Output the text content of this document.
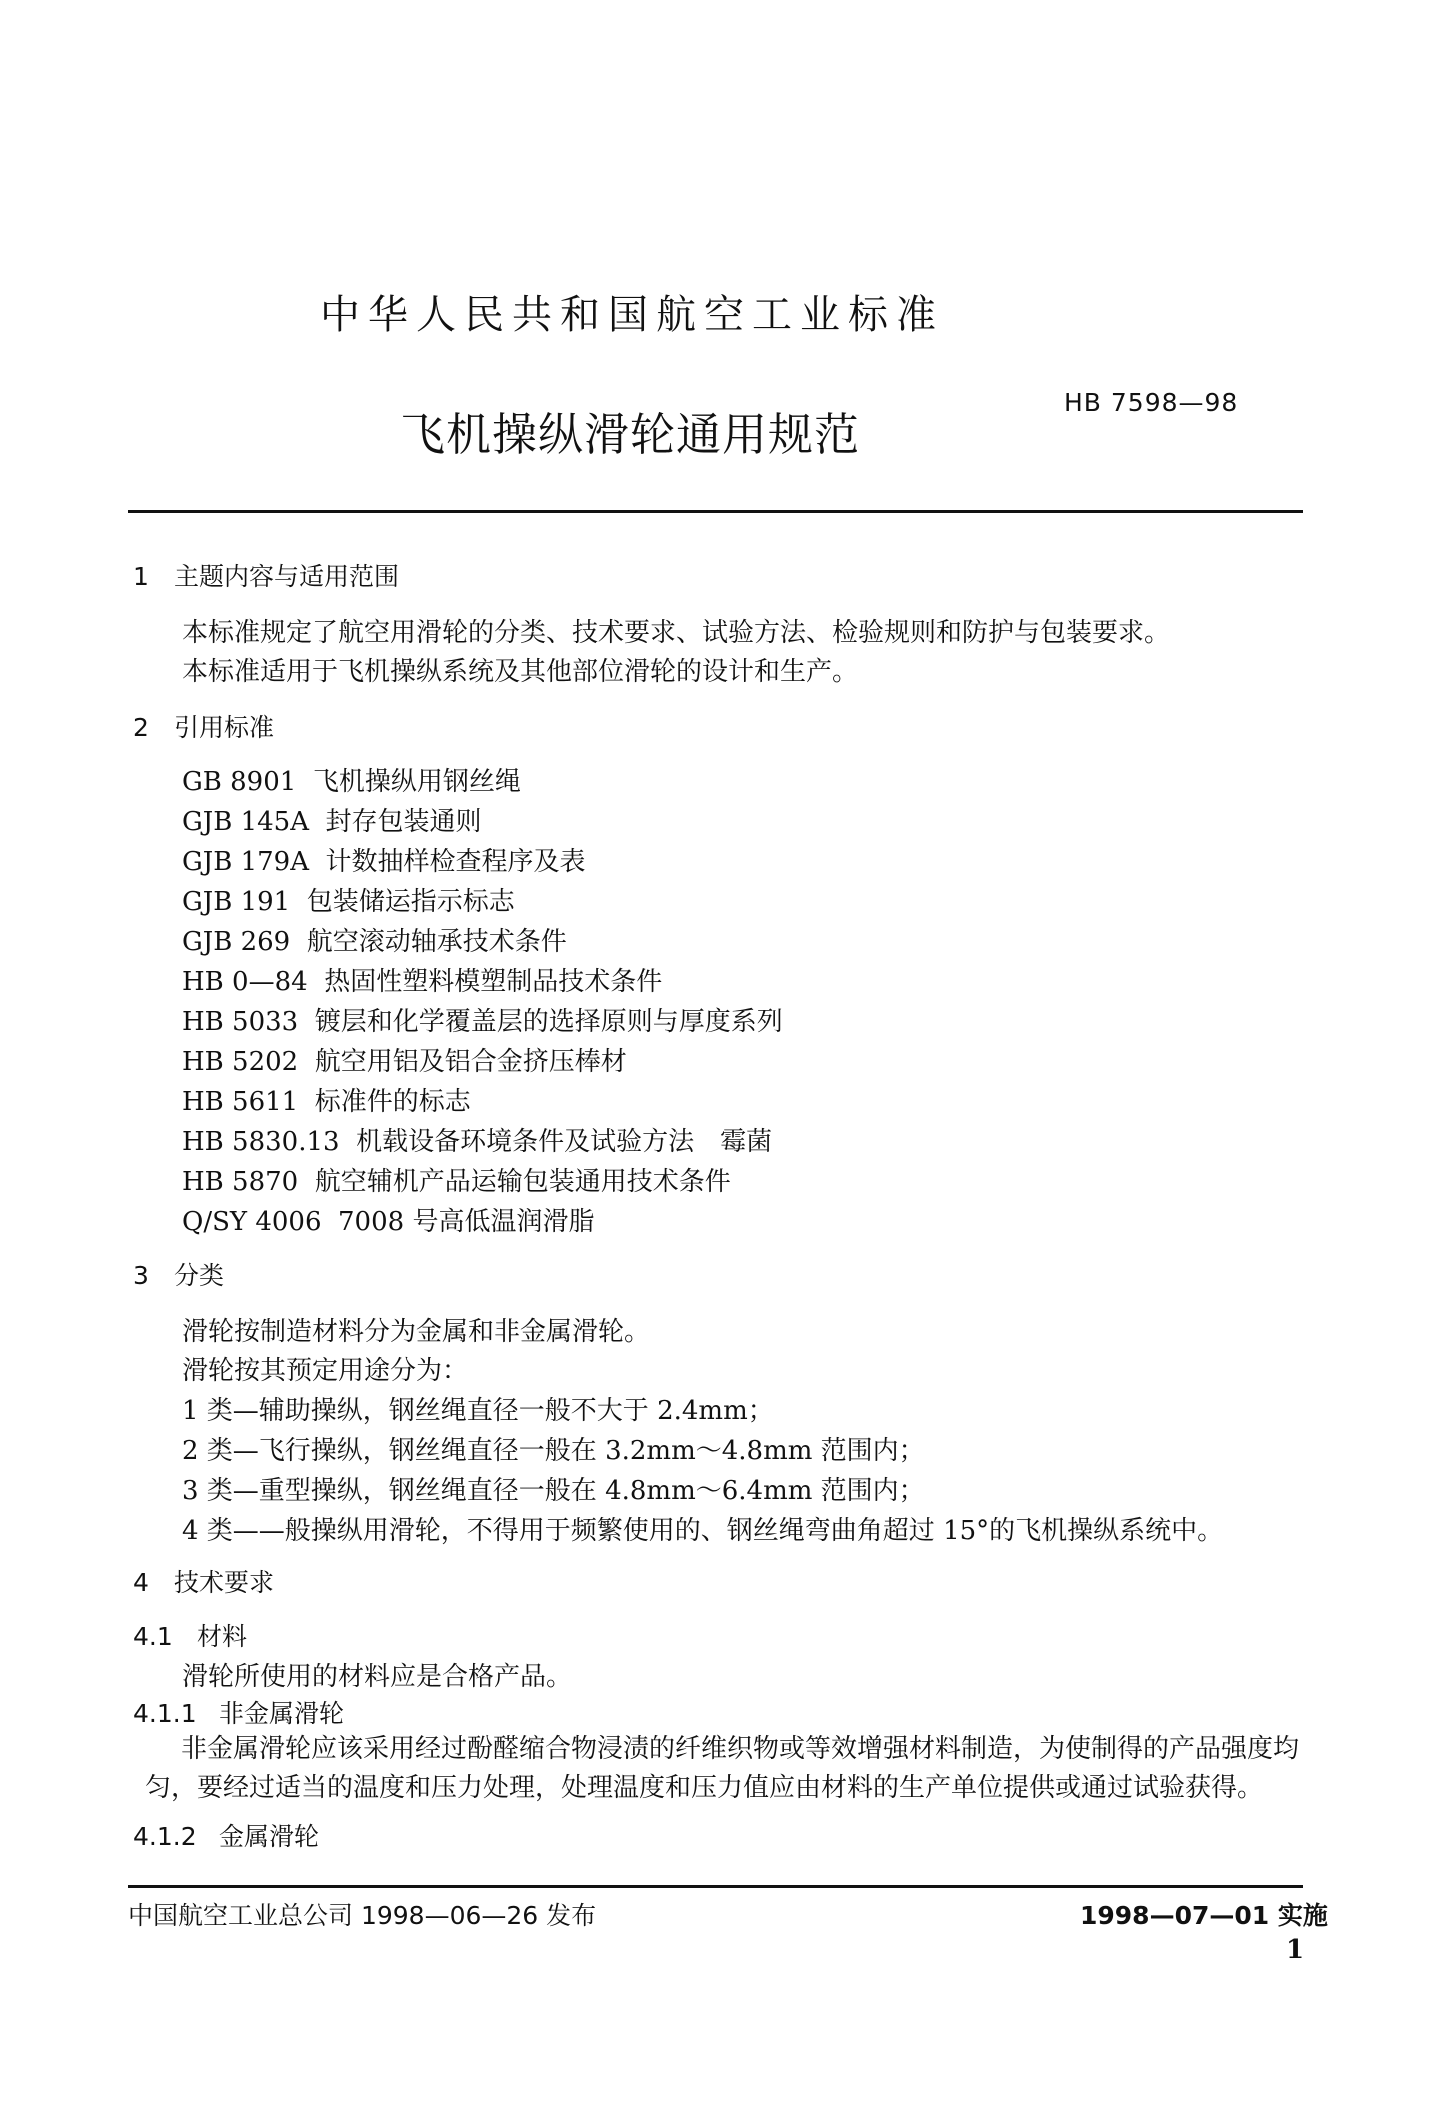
中华人民共和国航空工业标准
飞机操纵滑轮通用规范
HB 7598—98
1 主题内容与适用范围
本标准规定了航空用滑轮的分类、技术要求、试验方法、检验规则和防护与包装要求。
本标准适用于飞机操纵系统及其他部位滑轮的设计和生产。
2 引用标准
GB 8901 飞机操纵用钢丝绳
GJB 145A 封存包装通则
GJB 179A 计数抽样检查程序及表
GJB 191 包装储运指示标志
GJB 269 航空滚动轴承技术条件
HB 0—84 热固性塑料模塑制品技术条件
HB 5033 镀层和化学覆盖层的选择原则与厚度系列
HB 5202 航空用铝及铝合金挤压棒材
HB 5611 标准件的标志
HB 5830.13 机载设备环境条件及试验方法　霉菌
HB 5870 航空辅机产品运输包装通用技术条件
Q/SY 4006 7008 号高低温润滑脂
3 分类
滑轮按制造材料分为金属和非金属滑轮。
滑轮按其预定用途分为：
1 类—辅助操纵，钢丝绳直径一般不大于 2.4mm；
2 类—飞行操纵，钢丝绳直径一般在 3.2mm～4.8mm 范围内；
3 类—重型操纵，钢丝绳直径一般在 4.8mm～6.4mm 范围内；
4 类——般操纵用滑轮，不得用于频繁使用的、钢丝绳弯曲角超过 15°的飞机操纵系统中。
4 技术要求
4.1 材料
滑轮所使用的材料应是合格产品。
4.1.1 非金属滑轮
非金属滑轮应该采用经过酚醛缩合物浸渍的纤维织物或等效增强材料制造，为使制得的产品强度均匀，要经过适当的温度和压力处理，处理温度和压力值应由材料的生产单位提供或通过试验获得。
4.1.2 金属滑轮
中国航空工业总公司 1998—06—26 发布	1998—07—01 实施
1
